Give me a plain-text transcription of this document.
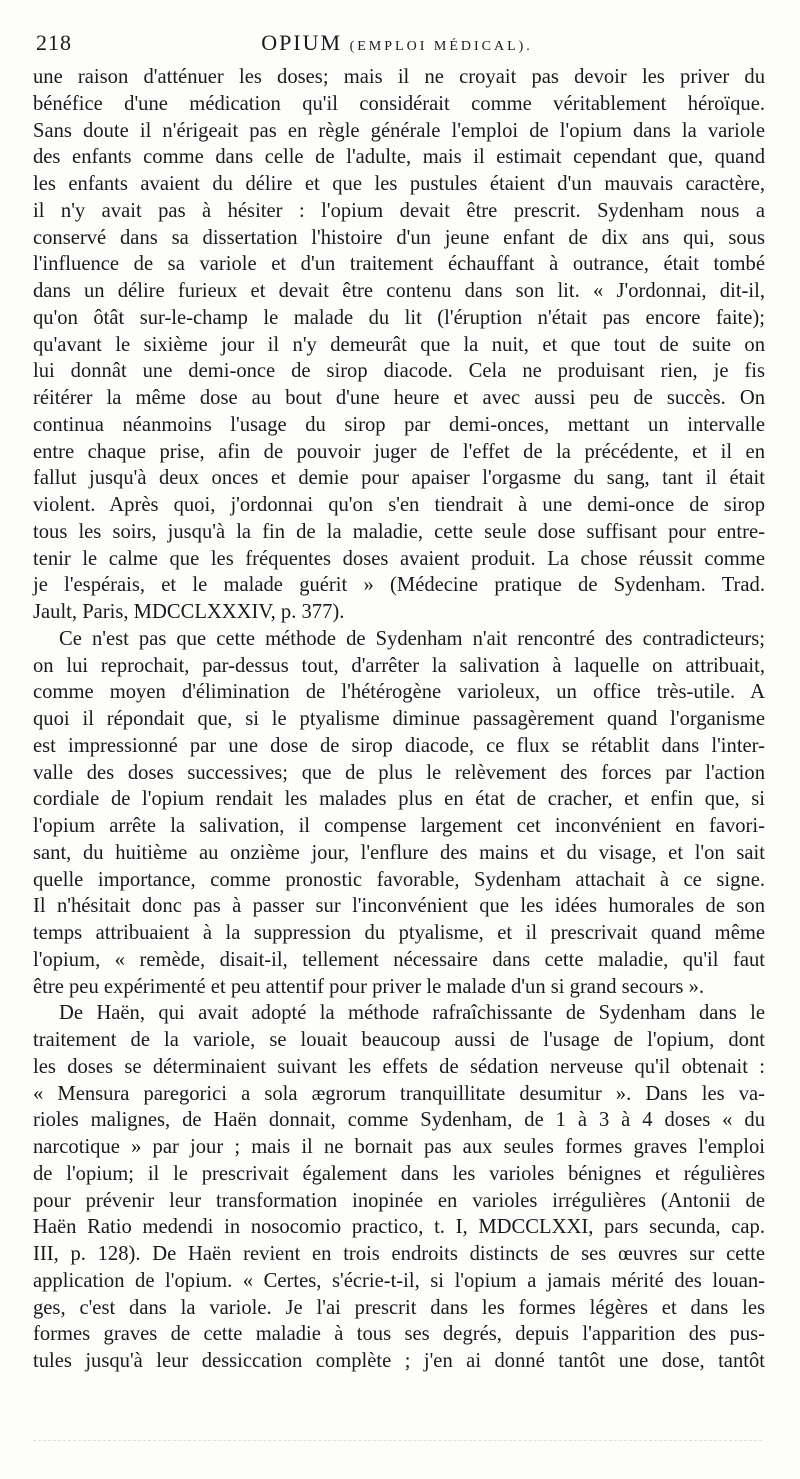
218	OPIUM (EMPLOI MÉDICAL).
une raison d'atténuer les doses; mais il ne croyait pas devoir les priver du
bénéfice d'une médication qu'il considérait comme véritablement héroïque.
Sans doute il n'érigeait pas en règle générale l'emploi de l'opium dans la variole
des enfants comme dans celle de l'adulte, mais il estimait cependant que, quand
les enfants avaient du délire et que les pustules étaient d'un mauvais caractère,
il n'y avait pas à hésiter : l'opium devait être prescrit. Sydenham nous a
conservé dans sa dissertation l'histoire d'un jeune enfant de dix ans qui, sous
l'influence de sa variole et d'un traitement échauffant à outrance, était tombé
dans un délire furieux et devait être contenu dans son lit. « J'ordonnai, dit-il,
qu'on ôtât sur-le-champ le malade du lit (l'éruption n'était pas encore faite);
qu'avant le sixième jour il n'y demeurât que la nuit, et que tout de suite on
lui donnât une demi-once de sirop diacode. Cela ne produisant rien, je fis
réitérer la même dose au bout d'une heure et avec aussi peu de succès. On
continua néanmoins l'usage du sirop par demi-onces, mettant un intervalle
entre chaque prise, afin de pouvoir juger de l'effet de la précédente, et il en
fallut jusqu'à deux onces et demie pour apaiser l'orgasme du sang, tant il était
violent. Après quoi, j'ordonnai qu'on s'en tiendrait à une demi-once de sirop
tous les soirs, jusqu'à la fin de la maladie, cette seule dose suffisant pour entre-
tenir le calme que les fréquentes doses avaient produit. La chose réussit comme
je l'espérais, et le malade guérit » (Médecine pratique de Sydenham. Trad.
Jault, Paris, MDCCLXXXIV, p. 377).
Ce n'est pas que cette méthode de Sydenham n'ait rencontré des contradicteurs;
on lui reprochait, par-dessus tout, d'arrêter la salivation à laquelle on attribuait,
comme moyen d'élimination de l'hétérogène varioleux, un office très-utile. A
quoi il répondait que, si le ptyalisme diminue passagèrement quand l'organisme
est impressionné par une dose de sirop diacode, ce flux se rétablit dans l'inter-
valle des doses successives; que de plus le relèvement des forces par l'action
cordiale de l'opium rendait les malades plus en état de cracher, et enfin que, si
l'opium arrête la salivation, il compense largement cet inconvénient en favori-
sant, du huitième au onzième jour, l'enflure des mains et du visage, et l'on sait
quelle importance, comme pronostic favorable, Sydenham attachait à ce signe.
Il n'hésitait donc pas à passer sur l'inconvénient que les idées humorales de son
temps attribuaient à la suppression du ptyalisme, et il prescrivait quand même
l'opium, « remède, disait-il, tellement nécessaire dans cette maladie, qu'il faut
être peu expérimenté et peu attentif pour priver le malade d'un si grand secours ».
De Haën, qui avait adopté la méthode rafraîchissante de Sydenham dans le
traitement de la variole, se louait beaucoup aussi de l'usage de l'opium, dont
les doses se déterminaient suivant les effets de sédation nerveuse qu'il obtenait :
« Mensura paregorici a sola ægrorum tranquillitate desumitur ». Dans les va-
rioles malignes, de Haën donnait, comme Sydenham, de 1 à 3 à 4 doses « du
narcotique » par jour ; mais il ne bornait pas aux seules formes graves l'emploi
de l'opium; il le prescrivait également dans les varioles bénignes et régulières
pour prévenir leur transformation inopinée en varioles irrégulières (Antonii de
Haën Ratio medendi in nosocomio practico, t. I, MDCCLXXI, pars secunda, cap.
III, p. 128). De Haën revient en trois endroits distincts de ses œuvres sur cette
application de l'opium. « Certes, s'écrie-t-il, si l'opium a jamais mérité des louan-
ges, c'est dans la variole. Je l'ai prescrit dans les formes légères et dans les
formes graves de cette maladie à tous ses degrés, depuis l'apparition des pus-
tules jusqu'à leur dessiccation complète ; j'en ai donné tantôt une dose, tantôt
